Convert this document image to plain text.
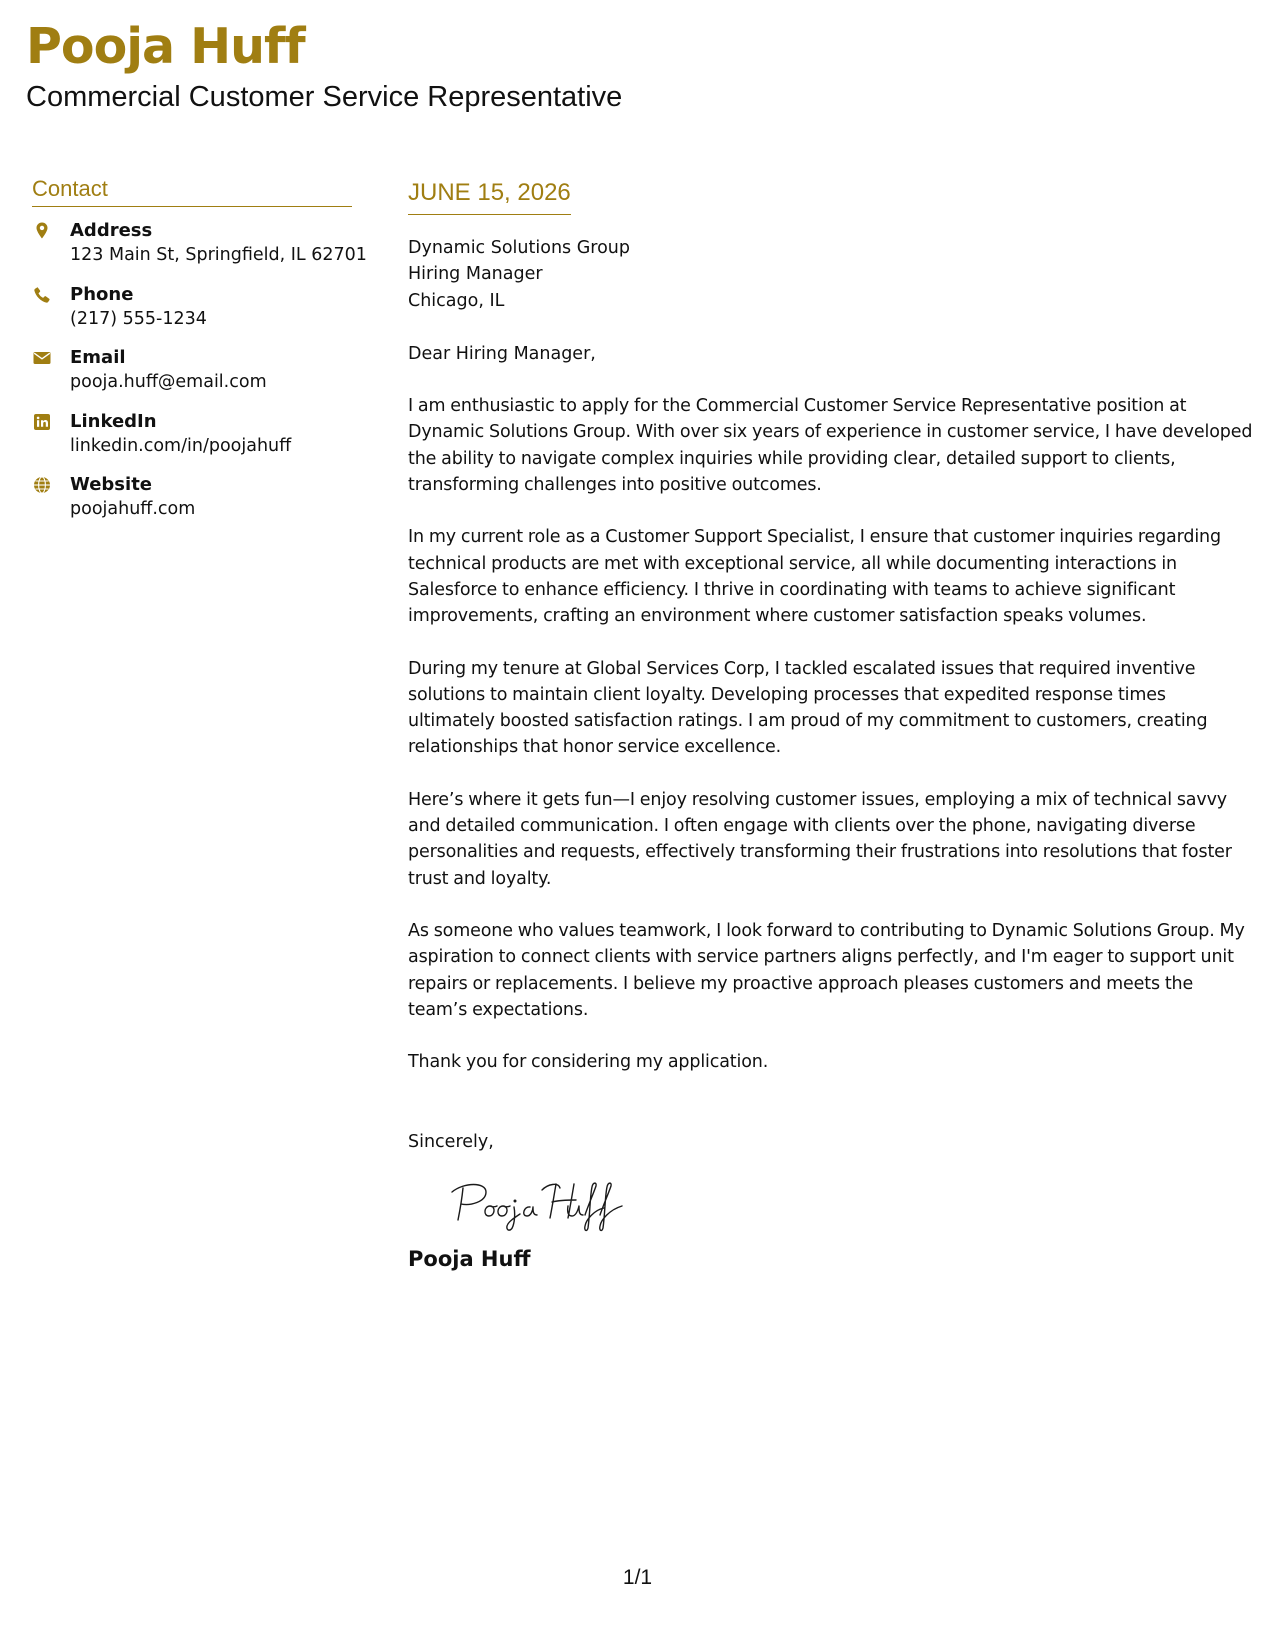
Pooja Huff
Commercial Customer Service Representative
Contact
Address
123 Main St, Springfield, IL 62701
Phone
(217) 555-1234
Email
pooja.huff@email.com
LinkedIn
linkedin.com/in/poojahuff
Website
poojahuff.com
JUNE 15, 2026
Dynamic Solutions Group
Hiring Manager
Chicago, IL
Dear Hiring Manager,

I am enthusiastic to apply for the Commercial Customer Service Representative position at Dynamic Solutions Group. With over six years of experience in customer service, I have developed the ability to navigate complex inquiries while providing clear, detailed support to clients, transforming challenges into positive outcomes.

In my current role as a Customer Support Specialist, I ensure that customer inquiries regarding technical products are met with exceptional service, all while documenting interactions in Salesforce to enhance efficiency. I thrive in coordinating with teams to achieve significant improvements, crafting an environment where customer satisfaction speaks volumes.

During my tenure at Global Services Corp, I tackled escalated issues that required inventive solutions to maintain client loyalty. Developing processes that expedited response times ultimately boosted satisfaction ratings. I am proud of my commitment to customers, creating relationships that honor service excellence.

Here’s where it gets fun—I enjoy resolving customer issues, employing a mix of technical savvy and detailed communication. I often engage with clients over the phone, navigating diverse personalities and requests, effectively transforming their frustrations into resolutions that foster trust and loyalty.

As someone who values teamwork, I look forward to contributing to Dynamic Solutions Group. My aspiration to connect clients with service partners aligns perfectly, and I'm eager to support unit repairs or replacements. I believe my proactive approach pleases customers and meets the team’s expectations.

Thank you for considering my application.

Sincerely,
Pooja Huff
1/1
